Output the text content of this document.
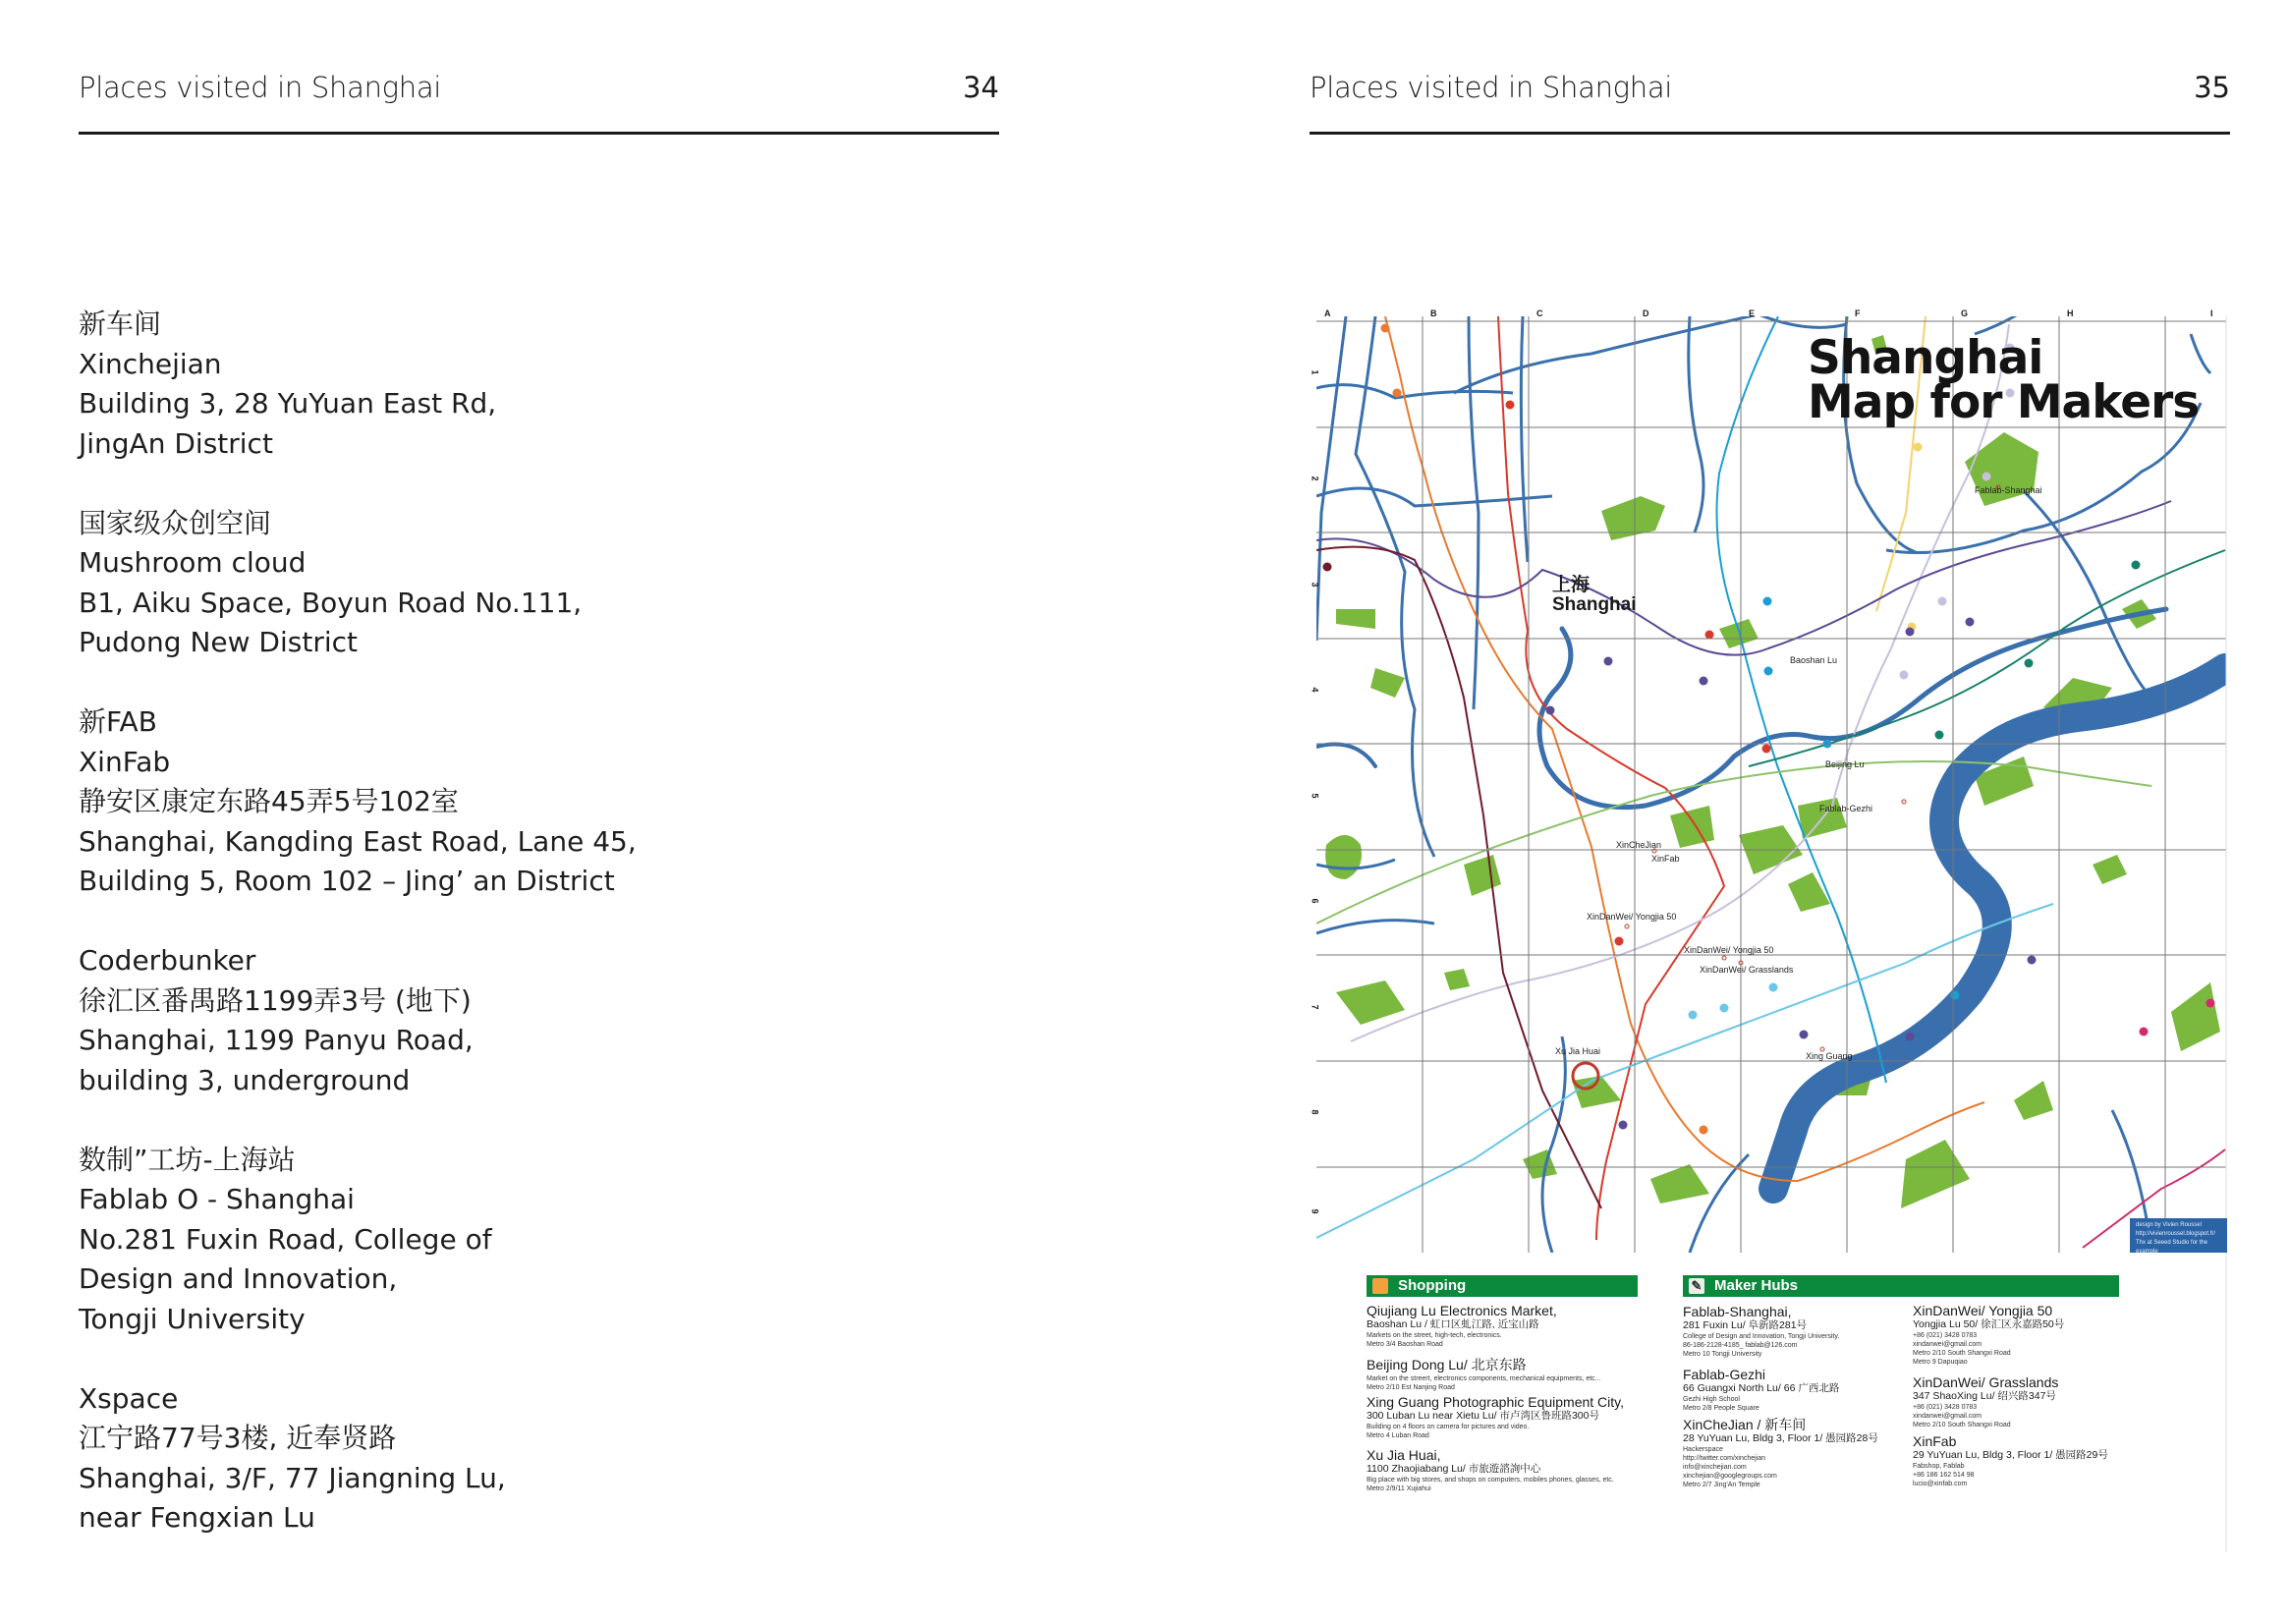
Places visited in Shanghai	34
新车间
Xinchejian
Building 3, 28 YuYuan East Rd,
JingAn District
国家级众创空间
Mushroom cloud
B1, Aiku Space, Boyun Road No.111,
Pudong New District
新FAB
XinFab
静安区康定东路45弄5号102室
Shanghai, Kangding East Road, Lane 45,
Building 5, Room 102 – Jing’ an District
Coderbunker
徐汇区番禺路1199弄3号 (地下)
Shanghai, 1199 Panyu Road,
building 3, underground
数制”工坊-上海站
Fablab O - Shanghai
No.281 Fuxin Road, College of
Design and Innovation,
Tongji University
Xspace
江宁路77号3楼, 近奉贤路
Shanghai, 3/F, 77 Jiangning Lu,
near Fengxian Lu
Places visited in Shanghai	35
A	B	C	D	E	F	G	H	I
1
2
3
4
5
6
7
8
9
Shanghai
Map for Makers
上海
Shanghai
Fablab-Shanghai
Baoshan Lu
Beijing Lu
Fablab-Gezhi
XinCheJian
XinFab
XinDanWei/ Yongjia 50
XinDanWei/ Yongjia 50
XinDanWei/ Grasslands
Xu Jia Huai	Xing Guang
design by Vivien Roussel
http://vivienroussel.blogspot.fr/
Thx at Seeed Studio for the example
Shopping	✎ Maker Hubs
Qiujiang Lu Electronics Market,
Baoshan Lu / 虹口区虬江路, 近宝山路
Markets on the street, high-tech, electronics.
Metro 3/4 Baoshan Road
Beijing Dong Lu/ 北京东路
Market on the streert, electronics components, mechanical equipments, etc...
Metro 2/10 Est Nanjing Road
Xing Guang Photographic Equipment City,
300 Luban Lu near Xietu Lu/ 市卢湾区鲁班路300号
Building on 4 floors on camera for pictures and video.
Metro 4 Luban Road
Xu Jia Huai,
1100 Zhaojiabang Lu/ 市旅遊諮詢中心
Big place with big stores, and shops on computers, mobiles phones, glasses, etc.
Metro 2/9/11 Xujiahui
Fablab-Shanghai,
281 Fuxin Lu/ 阜新路281号
College of Design and Innovation, Tongji University.
86-186-2128-4185_ fablab@126.com
Metro 10 Tongji University
Fablab-Gezhi
66 Guangxi North Lu/ 66 广西北路
Gezhi High School
Metro 2/8 People Square
XinCheJian / 新车间
28 YuYuan Lu, Bldg 3, Floor 1/ 愚园路28号
Hackerspace
http://twitter.com/xinchejian
info@xinchejian.com
xinchejian@googlegroups.com
Metro 2/7 Jing'An Temple
XinDanWei/ Yongjia 50
Yongjia Lu 50/ 徐汇区永嘉路50号
+86 (021) 3428 0783
xindanwei@gmail.com
Metro 2/10 South Shangxi Road
Metro 9 Dapuqiao
XinDanWei/ Grasslands
347 ShaoXing Lu/ 绍兴路347号
+86 (021) 3428 0783
xindanwei@gmail.com
Metro 2/10 South Shangxi Road
XinFab
29 YuYuan Lu, Bldg 3, Floor 1/ 愚园路29号
Fabshop, Fablab
+86 186 162 514 98
lucio@xinfab.com
